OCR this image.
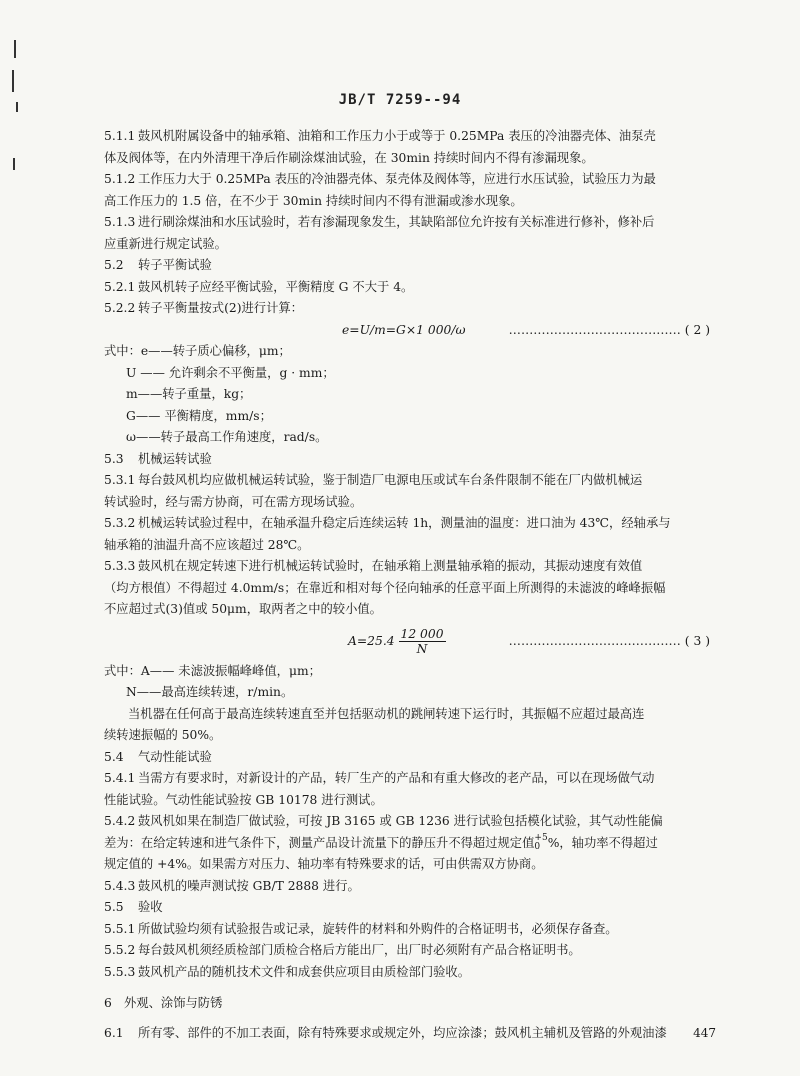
JB/T 7259--94

5.1.1 鼓风机附属设备中的轴承箱、油箱和工作压力小于或等于 0.25MPa 表压的冷油器壳体、油泵壳

体及阀体等，在内外清理干净后作刷涂煤油试验，在 30min 持续时间内不得有渗漏现象。

5.1.2 工作压力大于 0.25MPa 表压的冷油器壳体、泵壳体及阀体等，应进行水压试验，试验压力为最

高工作压力的 1.5 倍，在不少于 30min 持续时间内不得有泄漏或渗水现象。

5.1.3 进行刷涂煤油和水压试验时，若有渗漏现象发生，其缺陷部位允许按有关标准进行修补，修补后

应重新进行规定试验。

5.2 转子平衡试验

5.2.1 鼓风机转子应经平衡试验，平衡精度 G 不大于 4。

5.2.2 转子平衡量按式(2)进行计算：

e=U/m=G×1 000/ω	…………………………………… ( 2 )

式中：e——转子质心偏移，μm；

U —— 允许剩余不平衡量，g · mm；

m——转子重量，kg；

G—— 平衡精度，mm/s；

ω——转子最高工作角速度，rad/s。

5.3 机械运转试验

5.3.1 每台鼓风机均应做机械运转试验，鉴于制造厂电源电压或试车台条件限制不能在厂内做机械运

转试验时，经与需方协商，可在需方现场试验。

5.3.2 机械运转试验过程中，在轴承温升稳定后连续运转 1h，测量油的温度：进口油为 43℃，经轴承与

轴承箱的油温升高不应该超过 28℃。

5.3.3 鼓风机在规定转速下进行机械运转试验时，在轴承箱上测量轴承箱的振动，其振动速度有效值

（均方根值）不得超过 4.0mm/s；在靠近和相对每个径向轴承的任意平面上所测得的未滤波的峰峰振幅

不应超过式(3)值或 50μm，取两者之中的较小值。

$A=25.4 \frac{12 000}{N}$	…………………………………… ( 3 )

式中：A—— 未滤波振幅峰峰值，μm；

N——最高连续转速，r/min。

当机器在任何高于最高连续转速直至并包括驱动机的跳闸转速下运行时，其振幅不应超过最高连

续转速振幅的 50%。

5.4 气动性能试验

5.4.1 当需方有要求时，对新设计的产品，转厂生产的产品和有重大修改的老产品，可以在现场做气动

性能试验。气动性能试验按 GB 10178 进行测试。

5.4.2 鼓风机如果在制造厂做试验，可按 JB 3165 或 GB 1236 进行试验包括模化试验，其气动性能偏

差为：在给定转速和进气条件下，测量产品设计流量下的静压升不得超过规定值 +5
0 %，轴功率不得超过

规定值的 +4%。如果需方对压力、轴功率有特殊要求的话，可由供需双方协商。

5.4.3 鼓风机的噪声测试按 GB/T 2888 进行。

5.5 验收

5.5.1 所做试验均须有试验报告或记录，旋转件的材料和外购件的合格证明书，必须保存备查。

5.5.2 每台鼓风机须经质检部门质检合格后方能出厂，出厂时必须附有产品合格证明书。

5.5.3 鼓风机产品的随机技术文件和成套供应项目由质检部门验收。

6 外观、涂饰与防锈

6.1 所有零、部件的不加工表面，除有特殊要求或规定外，均应涂漆；鼓风机主辅机及管路的外观油漆	447
